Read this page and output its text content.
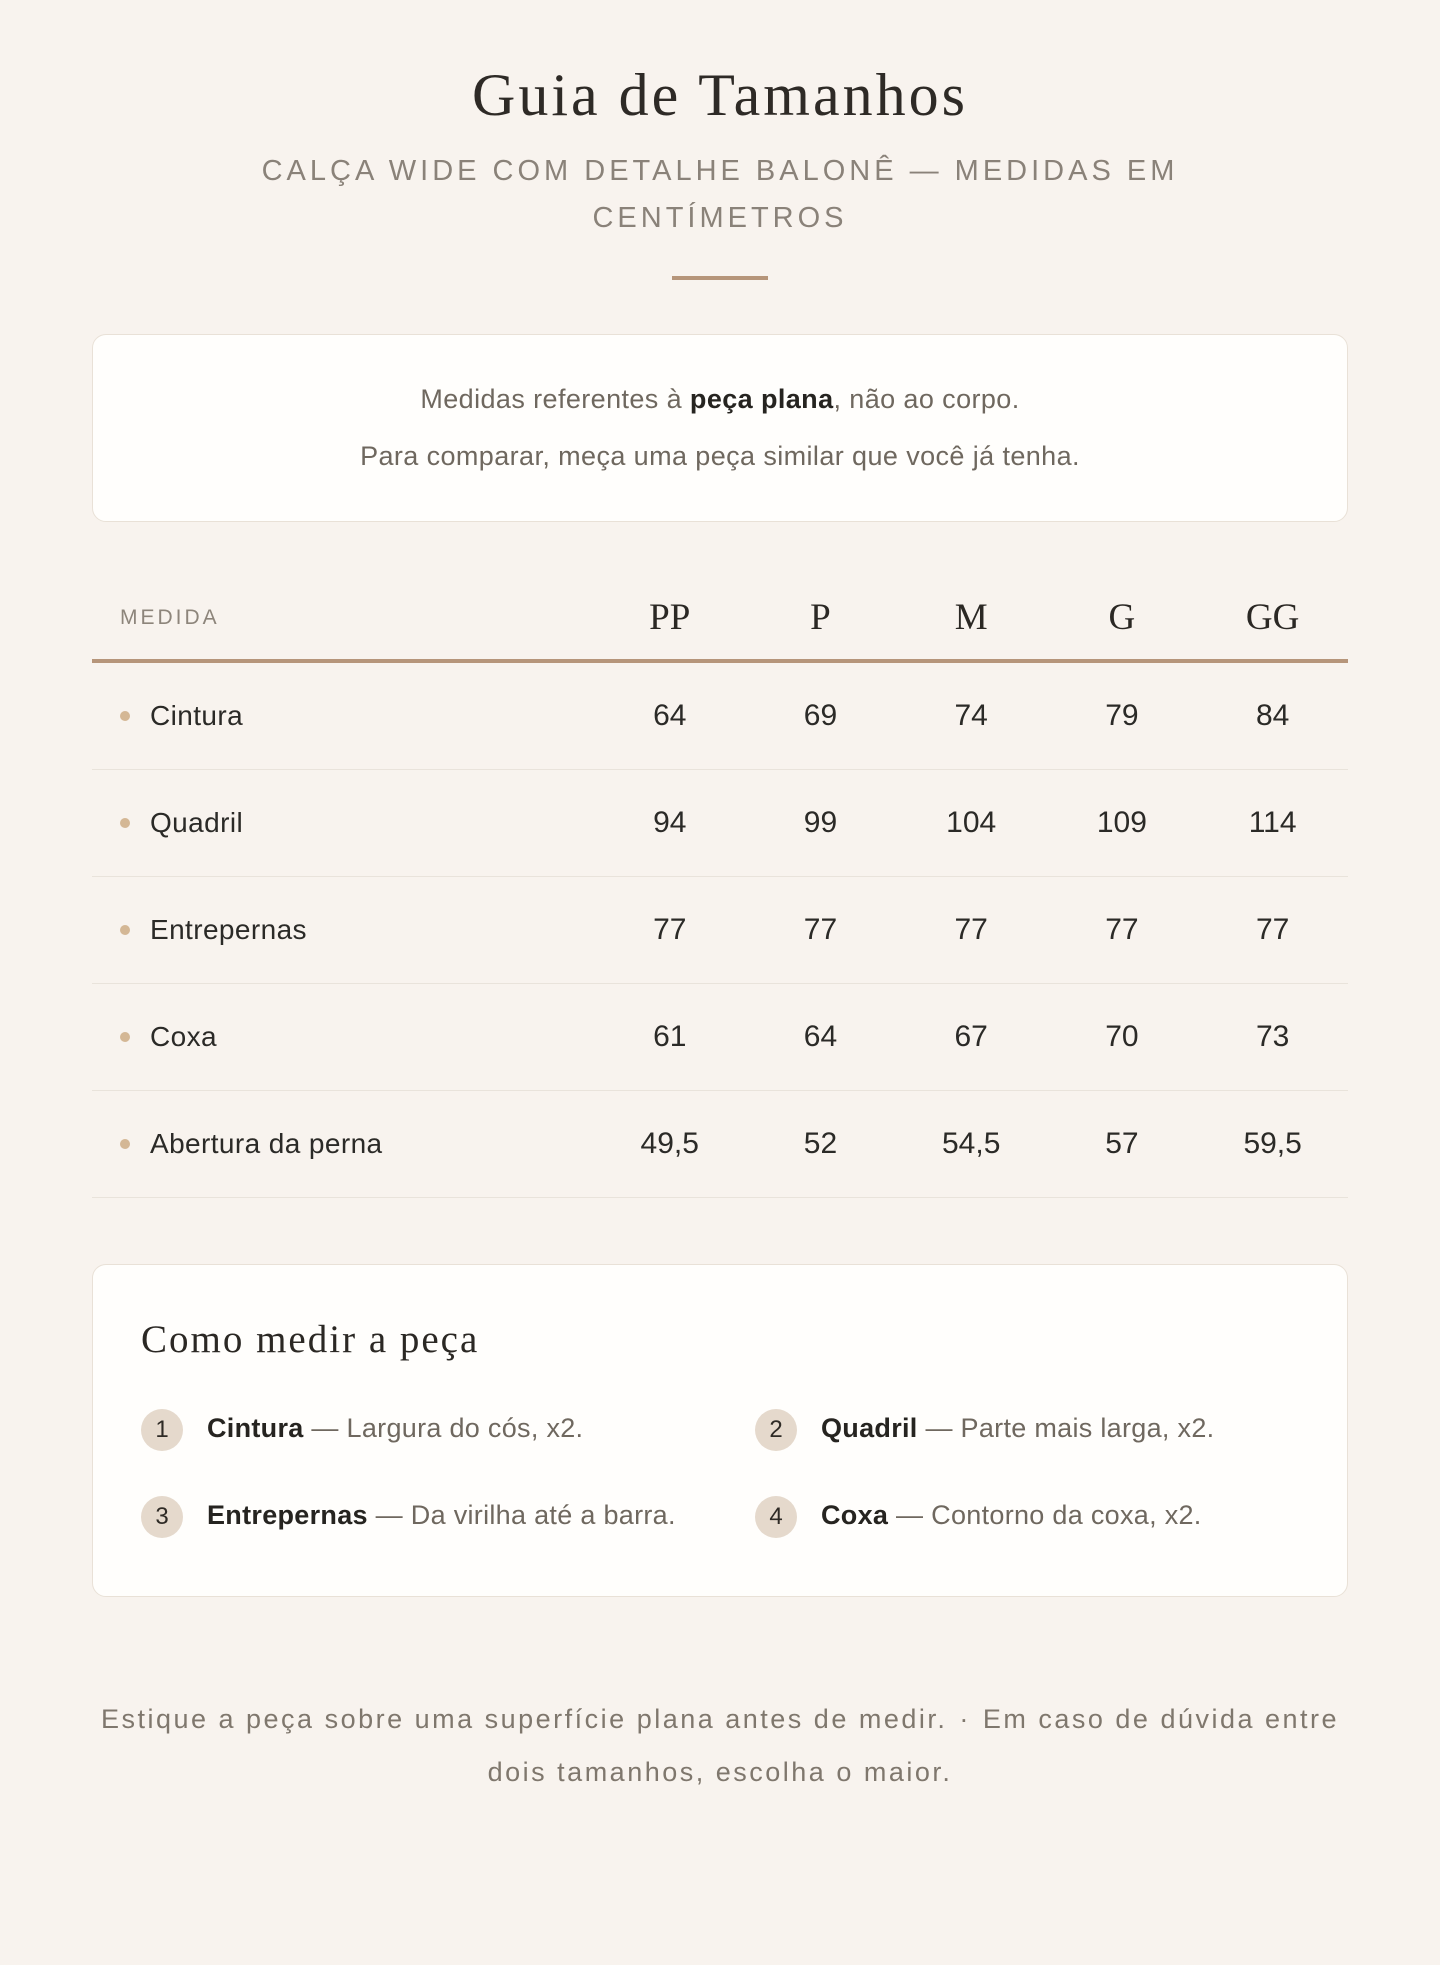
Guia de Tamanhos

CALÇA WIDE COM DETALHE BALONÊ — MEDIDAS EM CENTÍMETROS

Medidas referentes à peça plana, não ao corpo.
Para comparar, meça uma peça similar que você já tenha.
MEDIDA	PP	P	M	G	GG
Cintura	64	69	74	79	84
Quadril	94	99	104	109	114
Entrepernas	77	77	77	77	77
Coxa	61	64	67	70	73
Abertura da perna	49,5	52	54,5	57	59,5
Como medir a peça
1	Cintura — Largura do cós, x2.	2	Quadril — Parte mais larga, x2.
3	Entrepernas — Da virilha até a barra.	4	Coxa — Contorno da coxa, x2.

Estique a peça sobre uma superfície plana antes de medir. · Em caso de dúvida entre dois tamanhos, escolha o maior.
